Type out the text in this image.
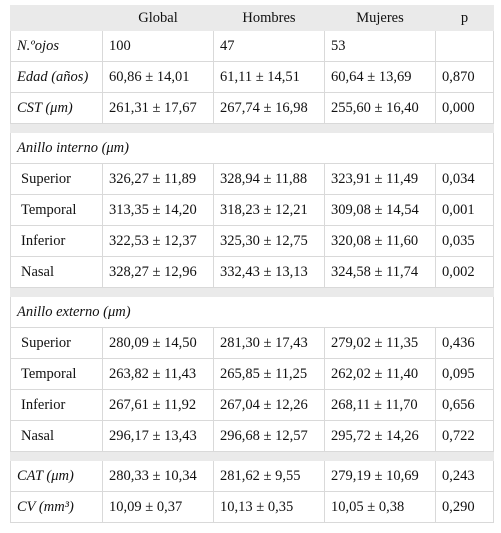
	Global	Hombres	Mujeres	p
N.ºojos	100	47	53	
Edad (años)	60,86 ± 14,01	61,11 ± 14,51	60,64 ± 13,69	0,870
CST (μm)	261,31 ± 17,67	267,74 ± 16,98	255,60 ± 16,40	0,000

Anillo interno (μm)				
Superior	326,27 ± 11,89	328,94 ± 11,88	323,91 ± 11,49	0,034
Temporal	313,35 ± 14,20	318,23 ± 12,21	309,08 ± 14,54	0,001
Inferior	322,53 ± 12,37	325,30 ± 12,75	320,08 ± 11,60	0,035
Nasal	328,27 ± 12,96	332,43 ± 13,13	324,58 ± 11,74	0,002

Anillo externo (μm)				
Superior	280,09 ± 14,50	281,30 ± 17,43	279,02 ± 11,35	0,436
Temporal	263,82 ± 11,43	265,85 ± 11,25	262,02 ± 11,40	0,095
Inferior	267,61 ± 11,92	267,04 ± 12,26	268,11 ± 11,70	0,656
Nasal	296,17 ± 13,43	296,68 ± 12,57	295,72 ± 14,26	0,722

CAT (μm)	280,33 ± 10,34	281,62 ± 9,55	279,19 ± 10,69	0,243
CV (mm³)	10,09 ± 0,37	10,13 ± 0,35	10,05 ± 0,38	0,290
